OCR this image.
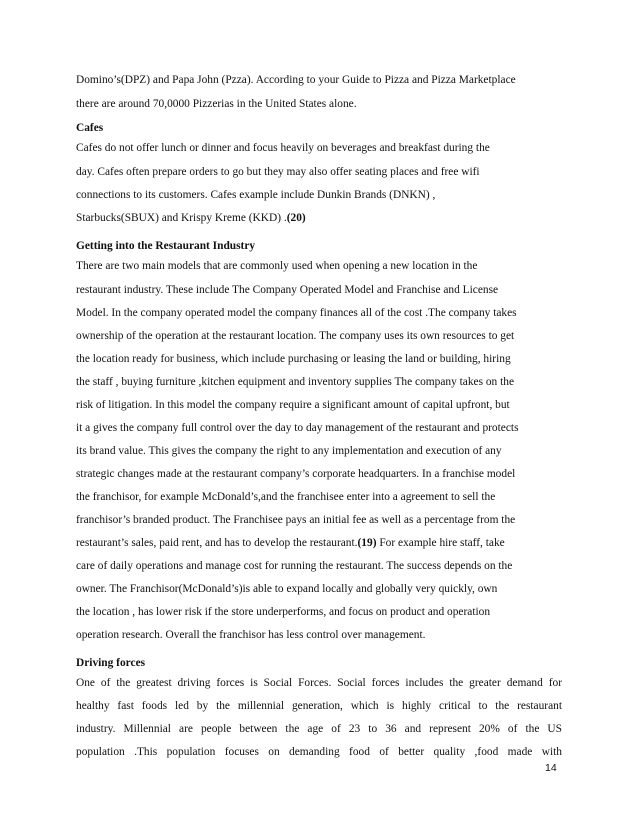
Domino’s(DPZ) and Papa John (Pzza). According to your Guide to Pizza and Pizza Marketplace
there are around 70,0000 Pizzerias in the United States alone.
Cafes
Cafes do not offer lunch or dinner and focus heavily on beverages and breakfast during the
day. Cafes often prepare orders to go but they may also offer seating places and free wifi
connections to its customers. Cafes example include Dunkin Brands (DNKN) ,
Starbucks(SBUX) and Krispy Kreme (KKD) .(20)
Getting into the Restaurant Industry
There are two main models that are commonly used when opening a new location in the
restaurant industry. These include The Company Operated Model and Franchise and License
Model. In the company operated model the company finances all of the cost .The company takes
ownership of the operation at the restaurant location. The company uses its own resources to get
the location ready for business, which include purchasing or leasing the land or building, hiring
the staff , buying furniture ,kitchen equipment and inventory supplies The company takes on the
risk of litigation. In this model the company require a significant amount of capital upfront, but
it a gives the company full control over the day to day management of the restaurant and protects
its brand value. This gives the company the right to any implementation and execution of any
strategic changes made at the restaurant company’s corporate headquarters. In a franchise model
the franchisor, for example McDonald’s,and the franchisee enter into a agreement to sell the
franchisor’s branded product. The Franchisee pays an initial fee as well as a percentage from the
restaurant’s sales, paid rent, and has to develop the restaurant.(19) For example hire staff, take
care of daily operations and manage cost for running the restaurant. The success depends on the
owner. The Franchisor(McDonald’s)is able to expand locally and globally very quickly, own
the location , has lower risk if the store underperforms, and focus on product and operation
operation research. Overall the franchisor has less control over management.
Driving forces
One of the greatest driving forces is Social Forces. Social forces includes the greater demand for
healthy fast foods led by the millennial generation, which is highly critical to the restaurant
industry. Millennial are people between the age of 23 to 36 and represent 20% of the US
population .This population focuses on demanding food of better quality ,food made with
14
